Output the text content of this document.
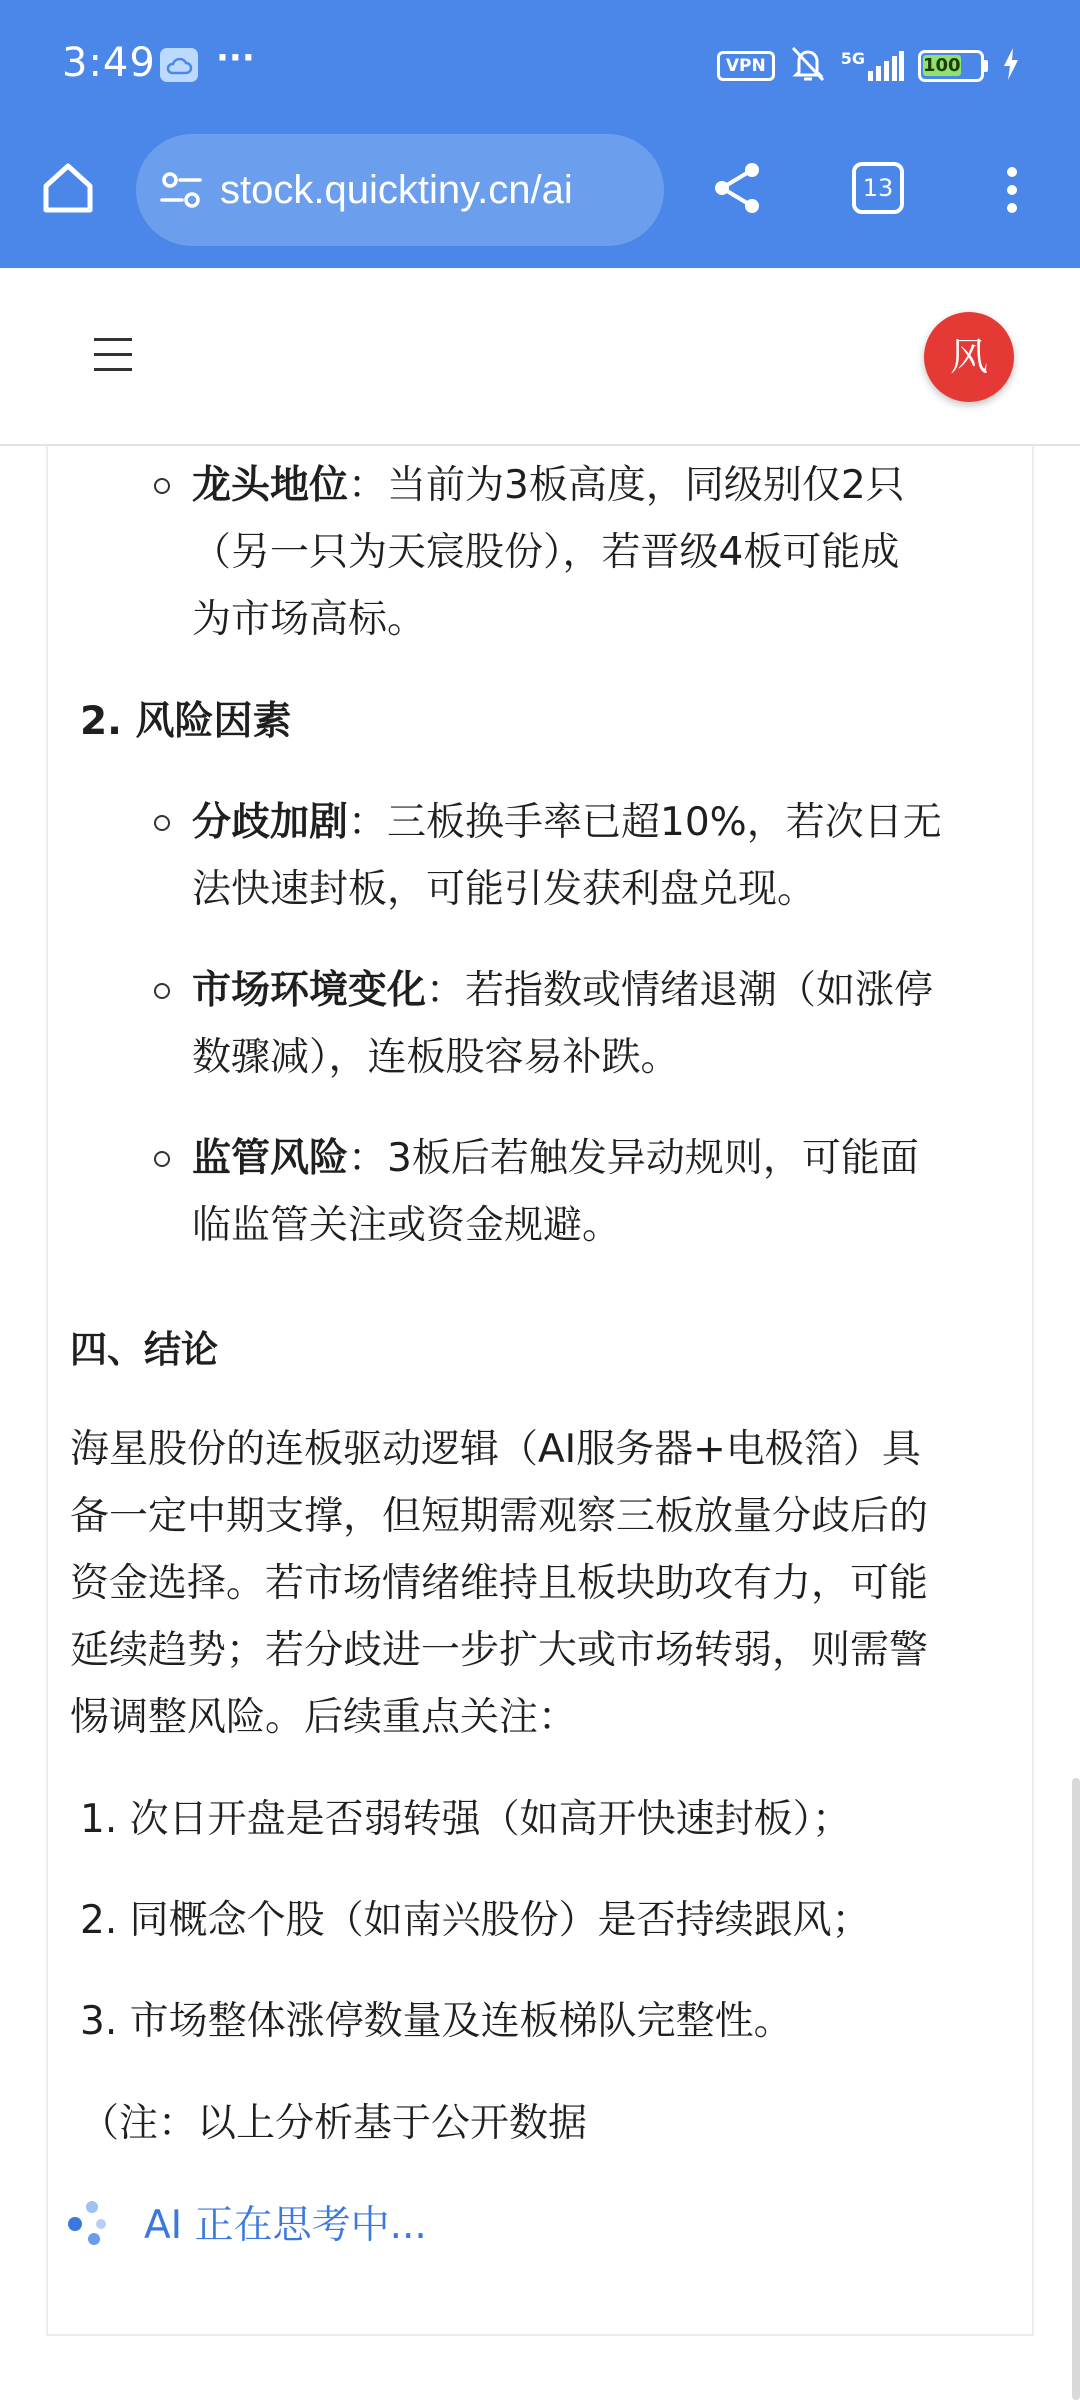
3:49 ···	VPN	5G	100
stock.quicktiny.cn/ai	13
风
龙头地位：当前为3板高度，同级别仅2只
（另一只为天宸股份），若晋级4板可能成
为市场高标。
2. 风险因素
分歧加剧：三板换手率已超10%，若次日无
法快速封板，可能引发获利盘兑现。
市场环境变化：若指数或情绪退潮（如涨停
数骤减），连板股容易补跌。
监管风险：3板后若触发异动规则，可能面
临监管关注或资金规避。
四、结论
海星股份的连板驱动逻辑（AI服务器+电极箔）具
备一定中期支撑，但短期需观察三板放量分歧后的
资金选择。若市场情绪维持且板块助攻有力，可能
延续趋势；若分歧进一步扩大或市场转弱，则需警
惕调整风险。后续重点关注：
1. 次日开盘是否弱转强（如高开快速封板）；
2. 同概念个股（如南兴股份）是否持续跟风；
3. 市场整体涨停数量及连板梯队完整性。
（注：以上分析基于公开数据
AI 正在思考中...
